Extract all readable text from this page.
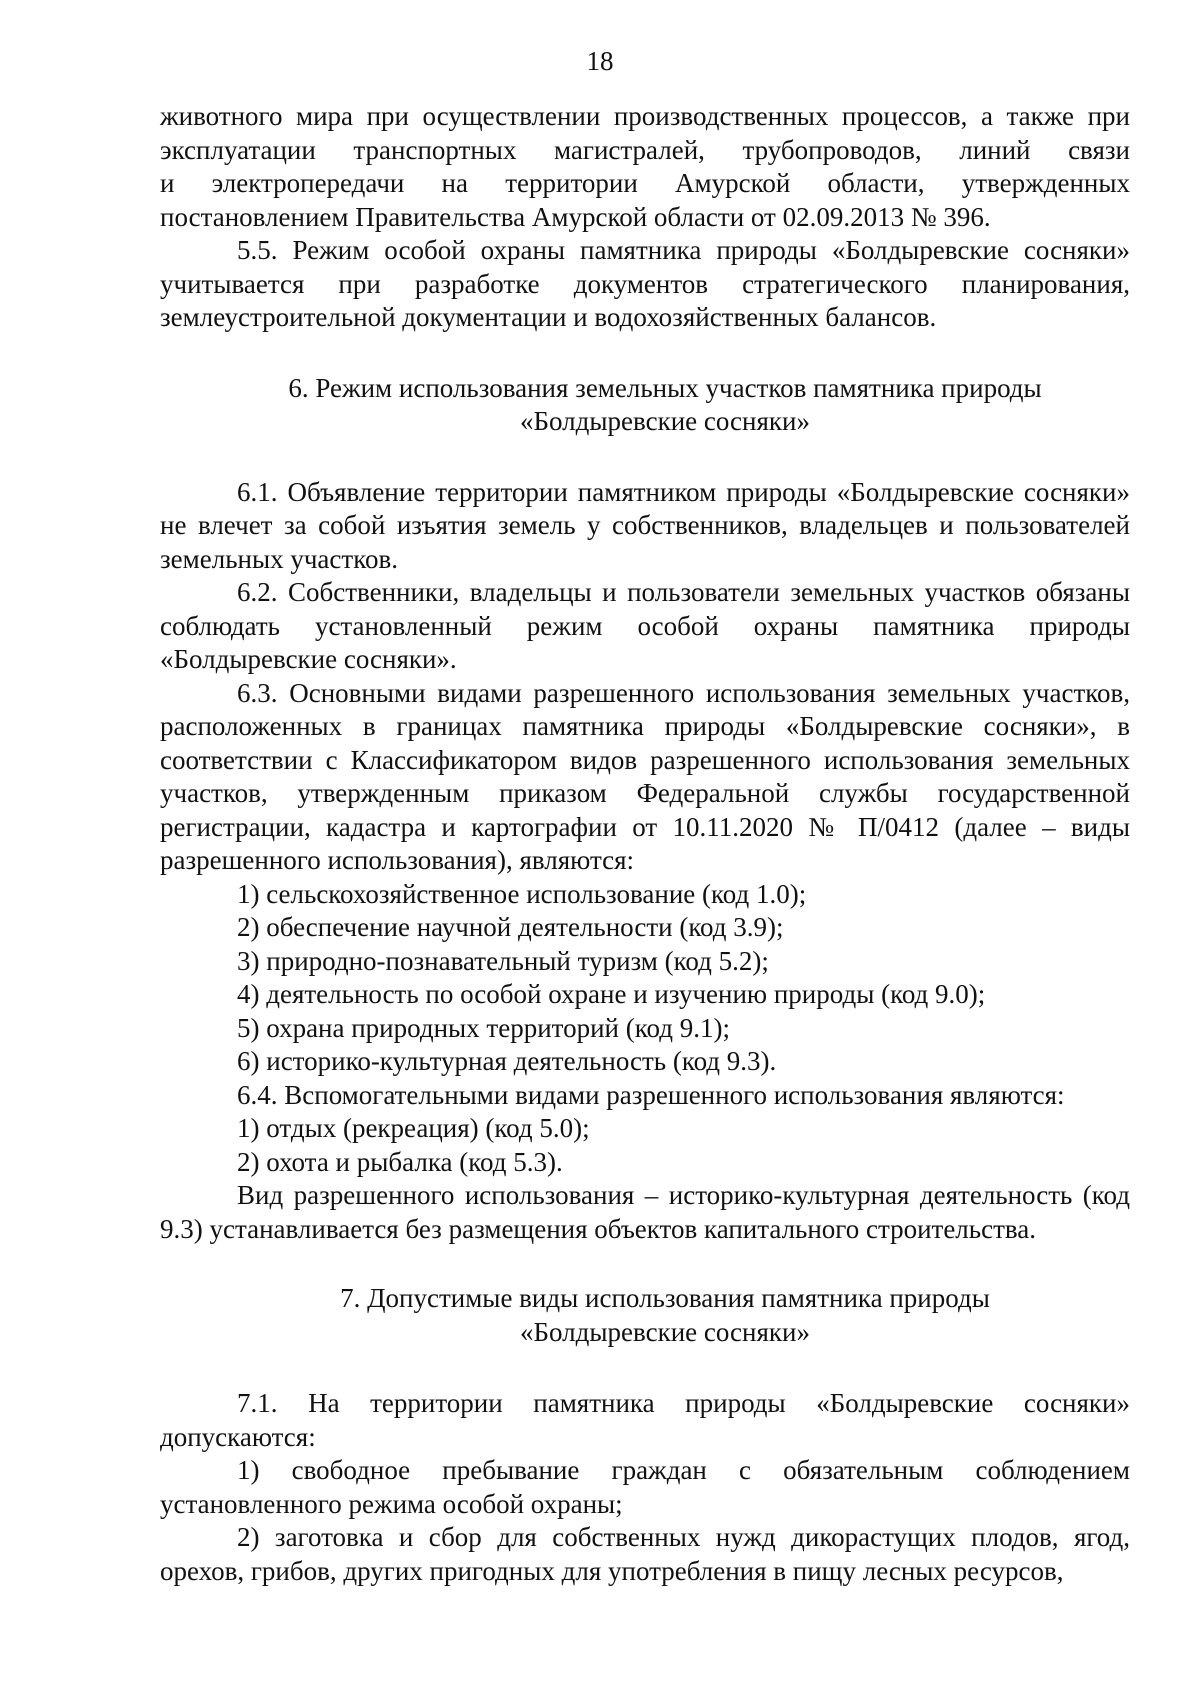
18

животного мира при осуществлении производственных процессов, а также при

эксплуатации транспортных магистралей, трубопроводов, линий связи

и электропередачи на территории Амурской области, утвержденных

постановлением Правительства Амурской области от 02.09.2013 № 396.

5.5. Режим особой охраны памятника природы «Болдыревские сосняки» учитывается при разработке документов стратегического планирования, землеустроительной документации и водохозяйственных балансов.

6. Режим использования земельных участков памятника природы

«Болдыревские сосняки»

6.1. Объявление территории памятником природы «Болдыревские сосняки» не влечет за собой изъятия земель у собственников, владельцев и пользователей земельных участков.

6.2. Собственники, владельцы и пользователи земельных участков обязаны соблюдать установленный режим особой охраны памятника природы «Болдыревские сосняки».

6.3. Основными видами разрешенного использования земельных участков, расположенных в границах памятника природы «Болдыревские сосняки», в соответствии с Классификатором видов разрешенного использования земельных участков, утвержденным приказом Федеральной службы государственной регистрации, кадастра и картографии от 10.11.2020 № П/0412 (далее – виды разрешенного использования), являются:

1) сельскохозяйственное использование (код 1.0);

2) обеспечение научной деятельности (код 3.9);

3) природно-познавательный туризм (код 5.2);

4) деятельность по особой охране и изучению природы (код 9.0);

5) охрана природных территорий (код 9.1);

6) историко-культурная деятельность (код 9.3).

6.4. Вспомогательными видами разрешенного использования являются:

1) отдых (рекреация) (код 5.0);

2) охота и рыбалка (код 5.3).

Вид разрешенного использования – историко-культурная деятельность (код 9.3) устанавливается без размещения объектов капитального строительства.

7. Допустимые виды использования памятника природы

«Болдыревские сосняки»

7.1. На территории памятника природы «Болдыревские сосняки» допускаются:

1) свободное пребывание граждан с обязательным соблюдением установленного режима особой охраны;

2) заготовка и сбор для собственных нужд дикорастущих плодов, ягод, орехов, грибов, других пригодных для употребления в пищу лесных ресурсов,
